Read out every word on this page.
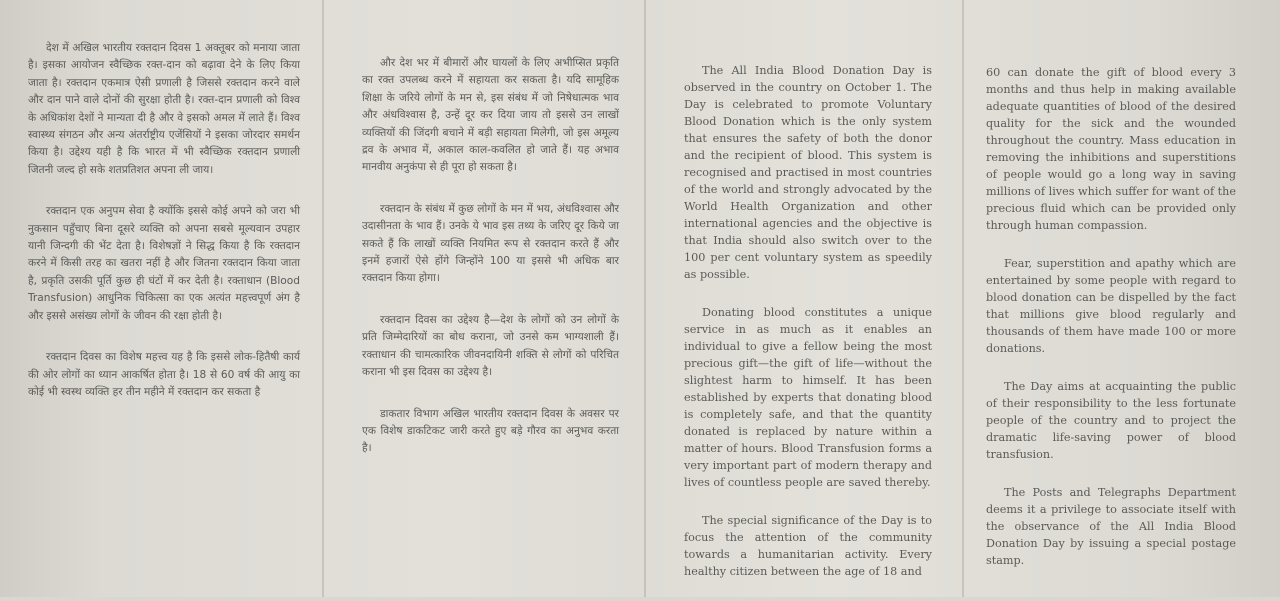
देश में अखिल भारतीय रक्तदान दिवस 1 अक्तूबर को मनाया जाता है। इसका आयोजन स्वैच्छिक रक्त-दान को बढ़ावा देने के लिए किया जाता है। रक्तदान एकमात्र ऐसी प्रणाली है जिससे रक्तदान करने वाले और दान पाने वाले दोनों की सुरक्षा होती है। रक्त-दान प्रणाली को विश्व के अधिकांश देशों ने मान्यता दी है और वे इसको अमल में लाते हैं। विश्व स्वास्थ्य संगठन और अन्य अंतर्राष्ट्रीय एजेंसियों ने इसका जोरदार समर्थन किया है। उद्देश्य यही है कि भारत में भी स्वैच्छिक रक्तदान प्रणाली जितनी जल्द हो सके शतप्रतिशत अपना ली जाय।

रक्तदान एक अनुपम सेवा है क्योंकि इससे कोई अपने को जरा भी नुकसान पहुँचाए बिना दूसरे व्यक्ति को अपना सबसे मूल्यवान उपहार यानी जिन्दगी की भेंट देता है। विशेषज्ञों ने सिद्ध किया है कि रक्तदान करने में किसी तरह का खतरा नहीं है और जितना रक्तदान किया जाता है, प्रकृति उसकी पूर्ति कुछ ही घंटों में कर देती है। रक्ताधान (Blood Transfusion) आधुनिक चिकित्सा का एक अत्यंत महत्त्वपूर्ण अंग है और इससे असंख्य लोगों के जीवन की रक्षा होती है।

रक्तदान दिवस का विशेष महत्त्व यह है कि इससे लोक-हितैषी कार्य की ओर लोगों का ध्यान आकर्षित होता है। 18 से 60 वर्ष की आयु का कोई भी स्वस्थ व्यक्ति हर तीन महीने में रक्तदान कर सकता है

और देश भर में बीमारों और घायलों के लिए अभीप्सित प्रकृति का रक्त उपलब्ध करने में सहायता कर सकता है। यदि सामूहिक शिक्षा के जरिये लोगों के मन से, इस संबंध में जो निषेधात्मक भाव और अंधविश्वास है, उन्हें दूर कर दिया जाय तो इससे उन लाखों व्यक्तियों की जिंदगी बचाने में बड़ी सहायता मिलेगी, जो इस अमूल्य द्रव के अभाव में, अकाल काल-कवलित हो जाते हैं। यह अभाव मानवीय अनुकंपा से ही पूरा हो सकता है।

रक्तदान के संबंध में कुछ लोगों के मन में भय, अंधविश्वास और उदासीनता के भाव हैं। उनके ये भाव इस तथ्य के जरिए दूर किये जा सकते हैं कि लाखों व्यक्ति नियमित रूप से रक्तदान करते हैं और इनमें हजारों ऐसे होंगे जिन्होंने 100 या इससे भी अधिक बार रक्तदान किया होगा।

रक्तदान दिवस का उद्देश्य है—देश के लोगों को उन लोगों के प्रति जिम्मेदारियों का बोध कराना, जो उनसे कम भाग्यशाली हैं। रक्ताधान की चामत्कारिक जीवनदायिनी शक्ति से लोगों को परिचित कराना भी इस दिवस का उद्देश्य है।

डाकतार विभाग अखिल भारतीय रक्तदान दिवस के अवसर पर एक विशेष डाकटिकट जारी करते हुए बड़े गौरव का अनुभव करता है।

The All India Blood Donation Day is observed in the country on October 1. The Day is celebrated to promote Voluntary Blood Donation which is the only system that ensures the safety of both the donor and the recipient of blood. This system is recognised and practised in most countries of the world and strongly advocated by the World Health Organization and other international agencies and the objective is that India should also switch over to the 100 per cent voluntary system as speedily as possible.

Donating blood constitutes a unique service in as much as it enables an individual to give a fellow being the most precious gift—the gift of life—without the slightest harm to himself. It has been established by experts that donating blood is completely safe, and that the quantity donated is replaced by nature within a matter of hours. Blood Transfusion forms a very important part of modern therapy and lives of countless people are saved thereby.

The special significance of the Day is to focus the attention of the community towards a humanitarian activity. Every healthy citizen between the age of 18 and

60 can donate the gift of blood every 3 months and thus help in making available adequate quantities of blood of the desired quality for the sick and the wounded throughout the country. Mass education in removing the inhibitions and superstitions of people would go a long way in saving millions of lives which suffer for want of the precious fluid which can be provided only through human compassion.

Fear, superstition and apathy which are entertained by some people with regard to blood donation can be dispelled by the fact that millions give blood regularly and thousands of them have made 100 or more donations.

The Day aims at acquainting the public of their responsibility to the less fortunate people of the country and to project the dramatic life-saving power of blood transfusion.

The Posts and Telegraphs Department deems it a privilege to associate itself with the observance of the All India Blood Donation Day by issuing a special postage stamp.
